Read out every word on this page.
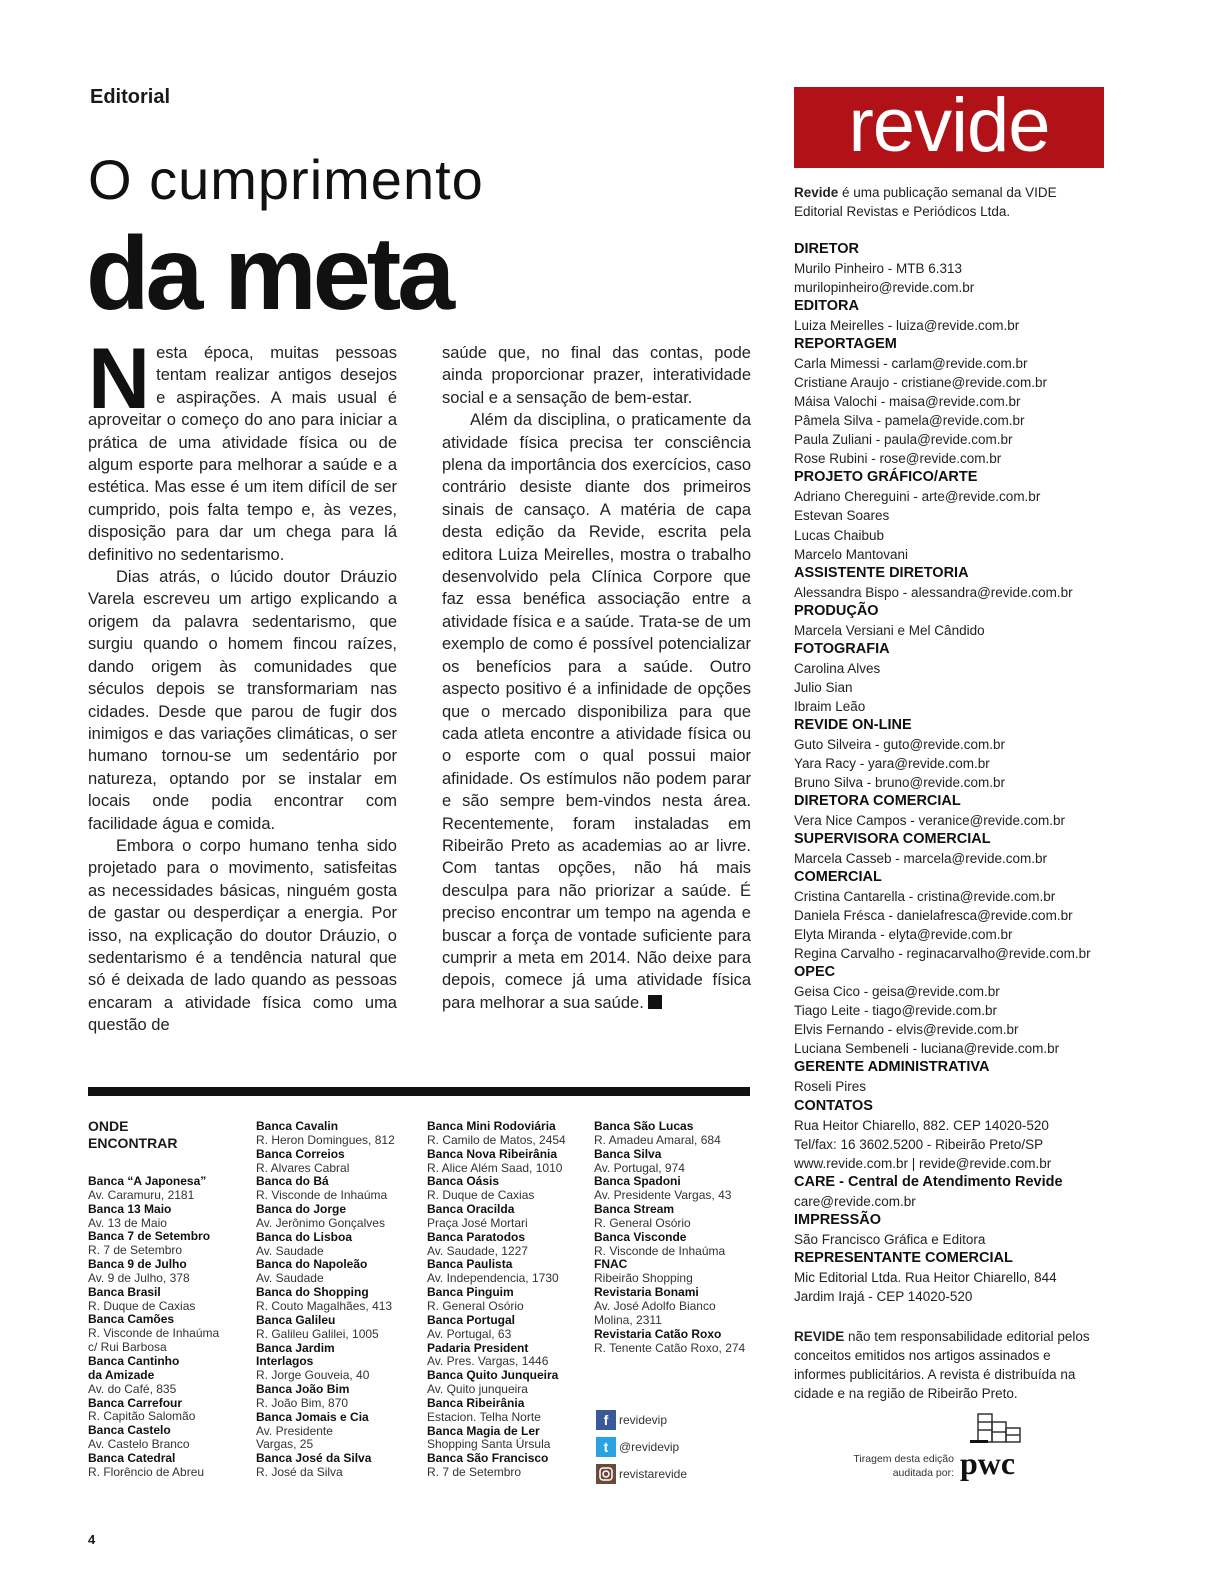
Editorial
O cumprimento
da meta

Nesta época, muitas pessoas tentam realizar antigos desejos e aspirações. A mais usual é aproveitar o começo do ano para iniciar a prática de uma atividade física ou de algum esporte para melhorar a saúde e a estética. Mas esse é um item difícil de ser cumprido, pois falta tempo e, às vezes, disposição para dar um chega para lá definitivo no sedentarismo.

Dias atrás, o lúcido doutor Dráuzio Varela escreveu um artigo explicando a origem da palavra sedentarismo, que surgiu quando o homem fincou raízes, dando origem às comunidades que séculos depois se transformariam nas cidades. Desde que parou de fugir dos inimigos e das variações climáticas, o ser humano tornou-se um sedentário por natureza, optando por se instalar em locais onde podia encontrar com facilidade água e comida.

Embora o corpo humano tenha sido projetado para o movimento, satisfeitas as necessidades básicas, ninguém gosta de gastar ou desperdiçar a energia. Por isso, na explicação do doutor Dráuzio, o sedentarismo é a tendência natural que só é deixada de lado quando as pessoas encaram a atividade física como uma questão de

saúde que, no final das contas, pode ainda proporcionar prazer, interatividade social e a sensação de bem-estar.

Além da disciplina, o praticamente da atividade física precisa ter consciência plena da importância dos exercícios, caso contrário desiste diante dos primeiros sinais de cansaço. A matéria de capa desta edição da Revide, escrita pela editora Luiza Meirelles, mostra o trabalho desenvolvido pela Clínica Corpore que faz essa benéfica associação entre a atividade física e a saúde. Trata-se de um exemplo de como é possível potencializar os benefícios para a saúde. Outro aspecto positivo é a infinidade de opções que o mercado disponibiliza para que cada atleta encontre a atividade física ou o esporte com o qual possui maior afinidade. Os estímulos não podem parar e são sempre bem-vindos nesta área. Recentemente, foram instaladas em Ribeirão Preto as academias ao ar livre. Com tantas opções, não há mais desculpa para não priorizar a saúde. É preciso encontrar um tempo na agenda e buscar a força de vontade suficiente para cumprir a meta em 2014. Não deixe para depois, comece já uma atividade física para melhorar a sua saúde.r

ONDE
ENCONTRAR
Banca “A Japonesa”
Av. Caramuru, 2181
Banca 13 Maio
Av. 13 de Maio
Banca 7 de Setembro
R. 7 de Setembro
Banca 9 de Julho
Av. 9 de Julho, 378
Banca Brasil
R. Duque de Caxias
Banca Camões
R. Visconde de Inhaúma
c/ Rui Barbosa
Banca Cantinho
da Amizade
Av. do Café, 835
Banca Carrefour
R. Capitão Salomão
Banca Castelo
Av. Castelo Branco
Banca Catedral
R. Florêncio de Abreu
Banca Cavalin
R. Heron Domingues, 812
Banca Correios
R. Alvares Cabral
Banca do Bá
R. Visconde de Inhaúma
Banca do Jorge
Av. Jerônimo Gonçalves
Banca do Lisboa
Av. Saudade
Banca do Napoleão
Av. Saudade
Banca do Shopping
R. Couto Magalhães, 413
Banca Galileu
R. Galileu Galilei, 1005
Banca Jardim
Interlagos
R. Jorge Gouveia, 40
Banca João Bim
R. João Bim, 870
Banca Jomais e Cia
Av. Presidente
Vargas, 25
Banca José da Silva
R. José da Silva
Banca Mini Rodoviária
R. Camilo de Matos, 2454
Banca Nova Ribeirânia
R. Alice Além Saad, 1010
Banca Oásis
R. Duque de Caxias
Banca Oracilda
Praça José Mortari
Banca Paratodos
Av. Saudade, 1227
Banca Paulista
Av. Independencia, 1730
Banca Pinguim
R. General Osório
Banca Portugal
Av. Portugal, 63
Padaria President
Av. Pres. Vargas, 1446
Banca Quito Junqueira
Av. Quito junqueira
Banca Ribeirânia
Estacion. Telha Norte
Banca Magia de Ler
Shopping Santa Úrsula
Banca São Francisco
R. 7 de Setembro
Banca São Lucas
R. Amadeu Amaral, 684
Banca Silva
Av. Portugal, 974
Banca Spadoni
Av. Presidente Vargas, 43
Banca Stream
R. General Osório
Banca Visconde
R. Visconde de Inhaúma
FNAC
Ribeirão Shopping
Revistaria Bonami
Av. José Adolfo Bianco
Molina, 2311
Revistaria Catão Roxo
R. Tenente Catão Roxo, 274
f revidevip
t @revidevip
revistarevide
4
revide
Revide é uma publicação semanal da VIDE Editorial Revistas e Periódicos Ltda.
DIRETOR
Murilo Pinheiro - MTB 6.313
murilopinheiro@revide.com.br
EDITORA
Luiza Meirelles - luiza@revide.com.br
REPORTAGEM
Carla Mimessi - carlam@revide.com.br
Cristiane Araujo - cristiane@revide.com.br
Máisa Valochi - maisa@revide.com.br
Pâmela Silva - pamela@revide.com.br
Paula Zuliani - paula@revide.com.br
Rose Rubini - rose@revide.com.br
PROJETO GRÁFICO/ARTE
Adriano Chereguini - arte@revide.com.br
Estevan Soares
Lucas Chaibub
Marcelo Mantovani
ASSISTENTE DIRETORIA
Alessandra Bispo - alessandra@revide.com.br
PRODUÇÃO
Marcela Versiani e Mel Cândido
FOTOGRAFIA
Carolina Alves
Julio Sian
Ibraim Leão
REVIDE ON-LINE
Guto Silveira - guto@revide.com.br
Yara Racy - yara@revide.com.br
Bruno Silva - bruno@revide.com.br
DIRETORA COMERCIAL
Vera Nice Campos - veranice@revide.com.br
SUPERVISORA COMERCIAL
Marcela Casseb - marcela@revide.com.br
COMERCIAL
Cristina Cantarella - cristina@revide.com.br
Daniela Frésca - danielafresca@revide.com.br
Elyta Miranda - elyta@revide.com.br
Regina Carvalho - reginacarvalho@revide.com.br
OPEC
Geisa Cico - geisa@revide.com.br
Tiago Leite - tiago@revide.com.br
Elvis Fernando - elvis@revide.com.br
Luciana Sembeneli - luciana@revide.com.br
GERENTE ADMINISTRATIVA
Roseli Pires
CONTATOS
Rua Heitor Chiarello, 882. CEP 14020-520
Tel/fax: 16 3602.5200 - Ribeirão Preto/SP
www.revide.com.br | revide@revide.com.br
CARE - Central de Atendimento Revide
care@revide.com.br
IMPRESSÃO
São Francisco Gráfica e Editora
REPRESENTANTE COMERCIAL
Mic Editorial Ltda. Rua Heitor Chiarello, 844
Jardim Irajá - CEP 14020-520
REVIDE não tem responsabilidade editorial pelos conceitos emitidos nos artigos assinados e informes publicitários. A revista é distribuída na cidade e na região de Ribeirão Preto.
Tiragem desta edição auditada por: pwc
